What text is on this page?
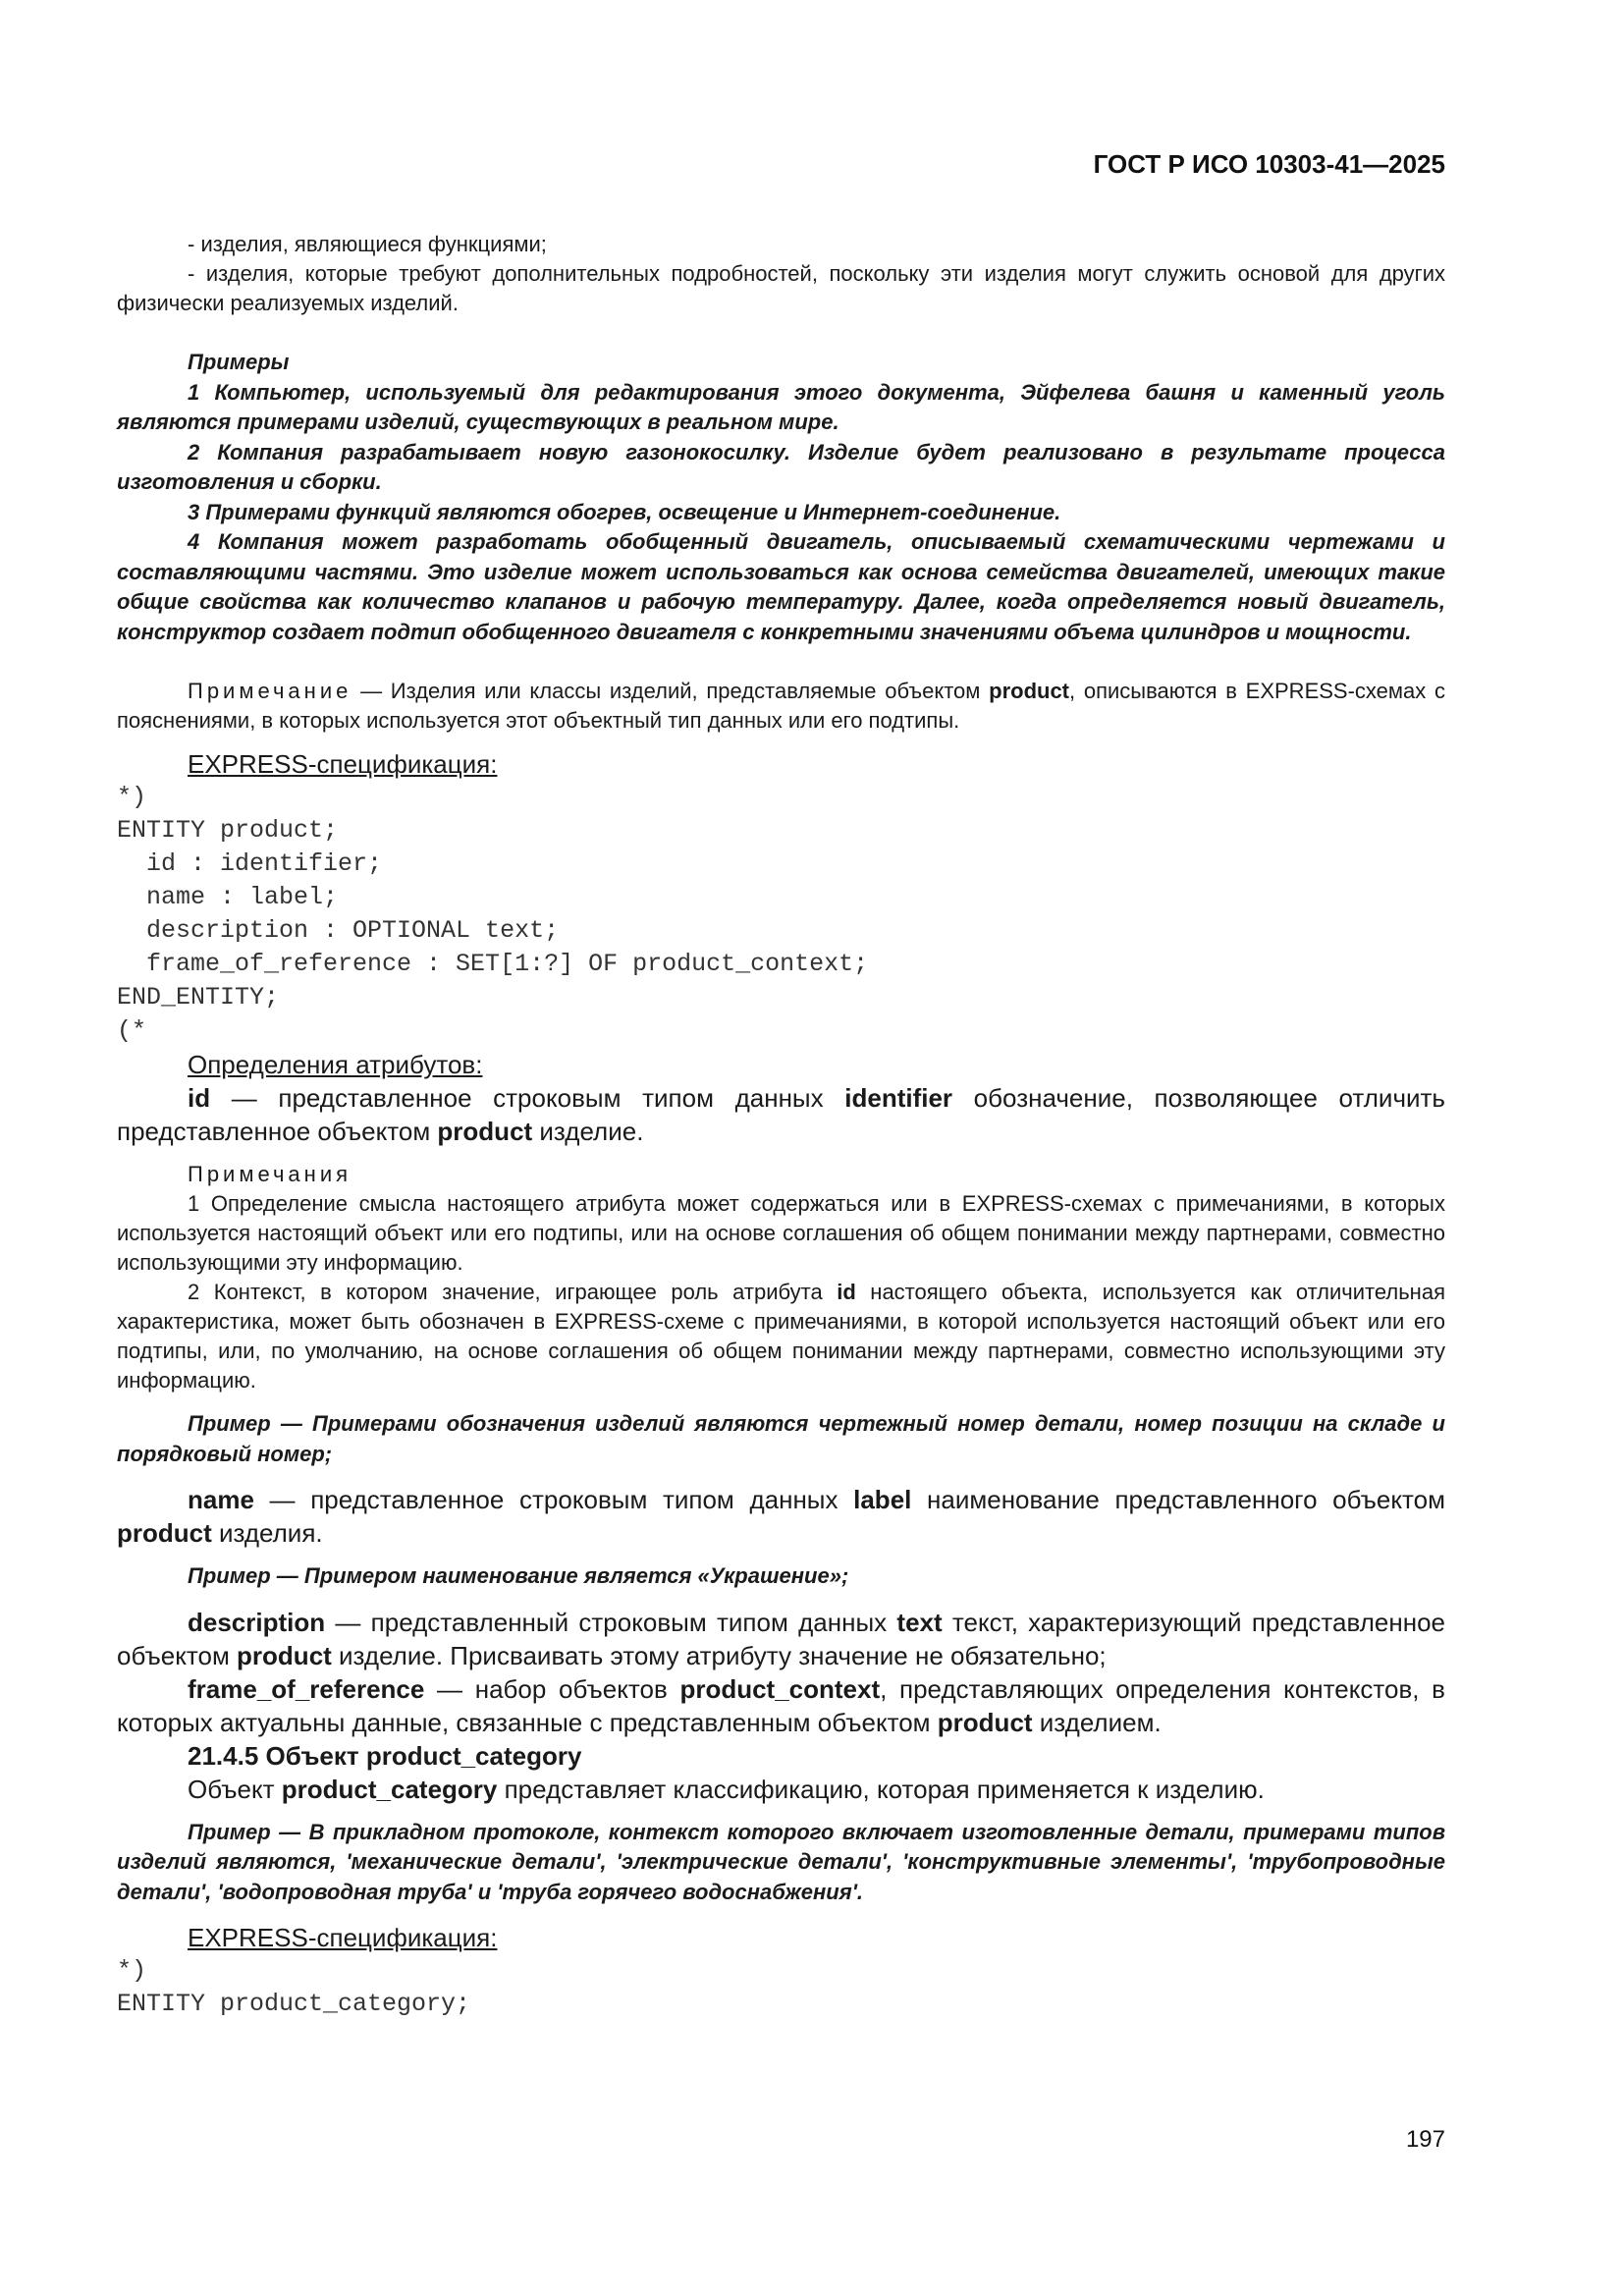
ГОСТ Р ИСО 10303-41—2025

- изделия, являющиеся функциями;

- изделия, которые требуют дополнительных подробностей, поскольку эти изделия могут служить основой для других физически реализуемых изделий.

Примеры

1 Компьютер, используемый для редактирования этого документа, Эйфелева башня и каменный уголь являются примерами изделий, существующих в реальном мире.

2 Компания разрабатывает новую газонокосилку. Изделие будет реализовано в результате процесса изготовления и сборки.

3 Примерами функций являются обогрев, освещение и Интернет-соединение.

4 Компания может разработать обобщенный двигатель, описываемый схематическими чертежами и составляющими частями. Это изделие может использоваться как основа семейства двигателей, имеющих такие общие свойства как количество клапанов и рабочую температуру. Далее, когда определяется новый двигатель, конструктор создает подтип обобщенного двигателя с конкретными значениями объема цилиндров и мощности.

Примечание — Изделия или классы изделий, представляемые объектом product, описываются в EXPRESS-схемах с пояснениями, в которых используется этот объектный тип данных или его подтипы.

EXPRESS-спецификация:

*)
ENTITY product;
id : identifier;
name : label;
description : OPTIONAL text;
frame_of_reference : SET[1:?] OF product_context;
END_ENTITY;
(*

Определения атрибутов:

id — представленное строковым типом данных identifier обозначение, позволяющее отличить представленное объектом product изделие.

Примечания

1 Определение смысла настоящего атрибута может содержаться или в EXPRESS-схемах с примечаниями, в которых используется настоящий объект или его подтипы, или на основе соглашения об общем понимании между партнерами, совместно использующими эту информацию.

2 Контекст, в котором значение, играющее роль атрибута id настоящего объекта, используется как отличительная характеристика, может быть обозначен в EXPRESS-схеме с примечаниями, в которой используется настоящий объект или его подтипы, или, по умолчанию, на основе соглашения об общем понимании между партнерами, совместно использующими эту информацию.

Пример — Примерами обозначения изделий являются чертежный номер детали, номер позиции на складе и порядковый номер;

name — представленное строковым типом данных label наименование представленного объектом product изделия.

Пример — Примером наименование является «Украшение»;

description — представленный строковым типом данных text текст, характеризующий представленное объектом product изделие. Присваивать этому атрибуту значение не обязательно;

frame_of_reference — набор объектов product_context, представляющих определения контекстов, в которых актуальны данные, связанные с представленным объектом product изделием.

21.4.5 Объект product_category

Объект product_category представляет классификацию, которая применяется к изделию.

Пример — В прикладном протоколе, контекст которого включает изготовленные детали, примерами типов изделий являются, 'механические детали', 'электрические детали', 'конструктивные элементы', 'трубопроводные детали', 'водопроводная труба' и 'труба горячего водоснабжения'.

EXPRESS-спецификация:

*)
ENTITY product_category;
197
